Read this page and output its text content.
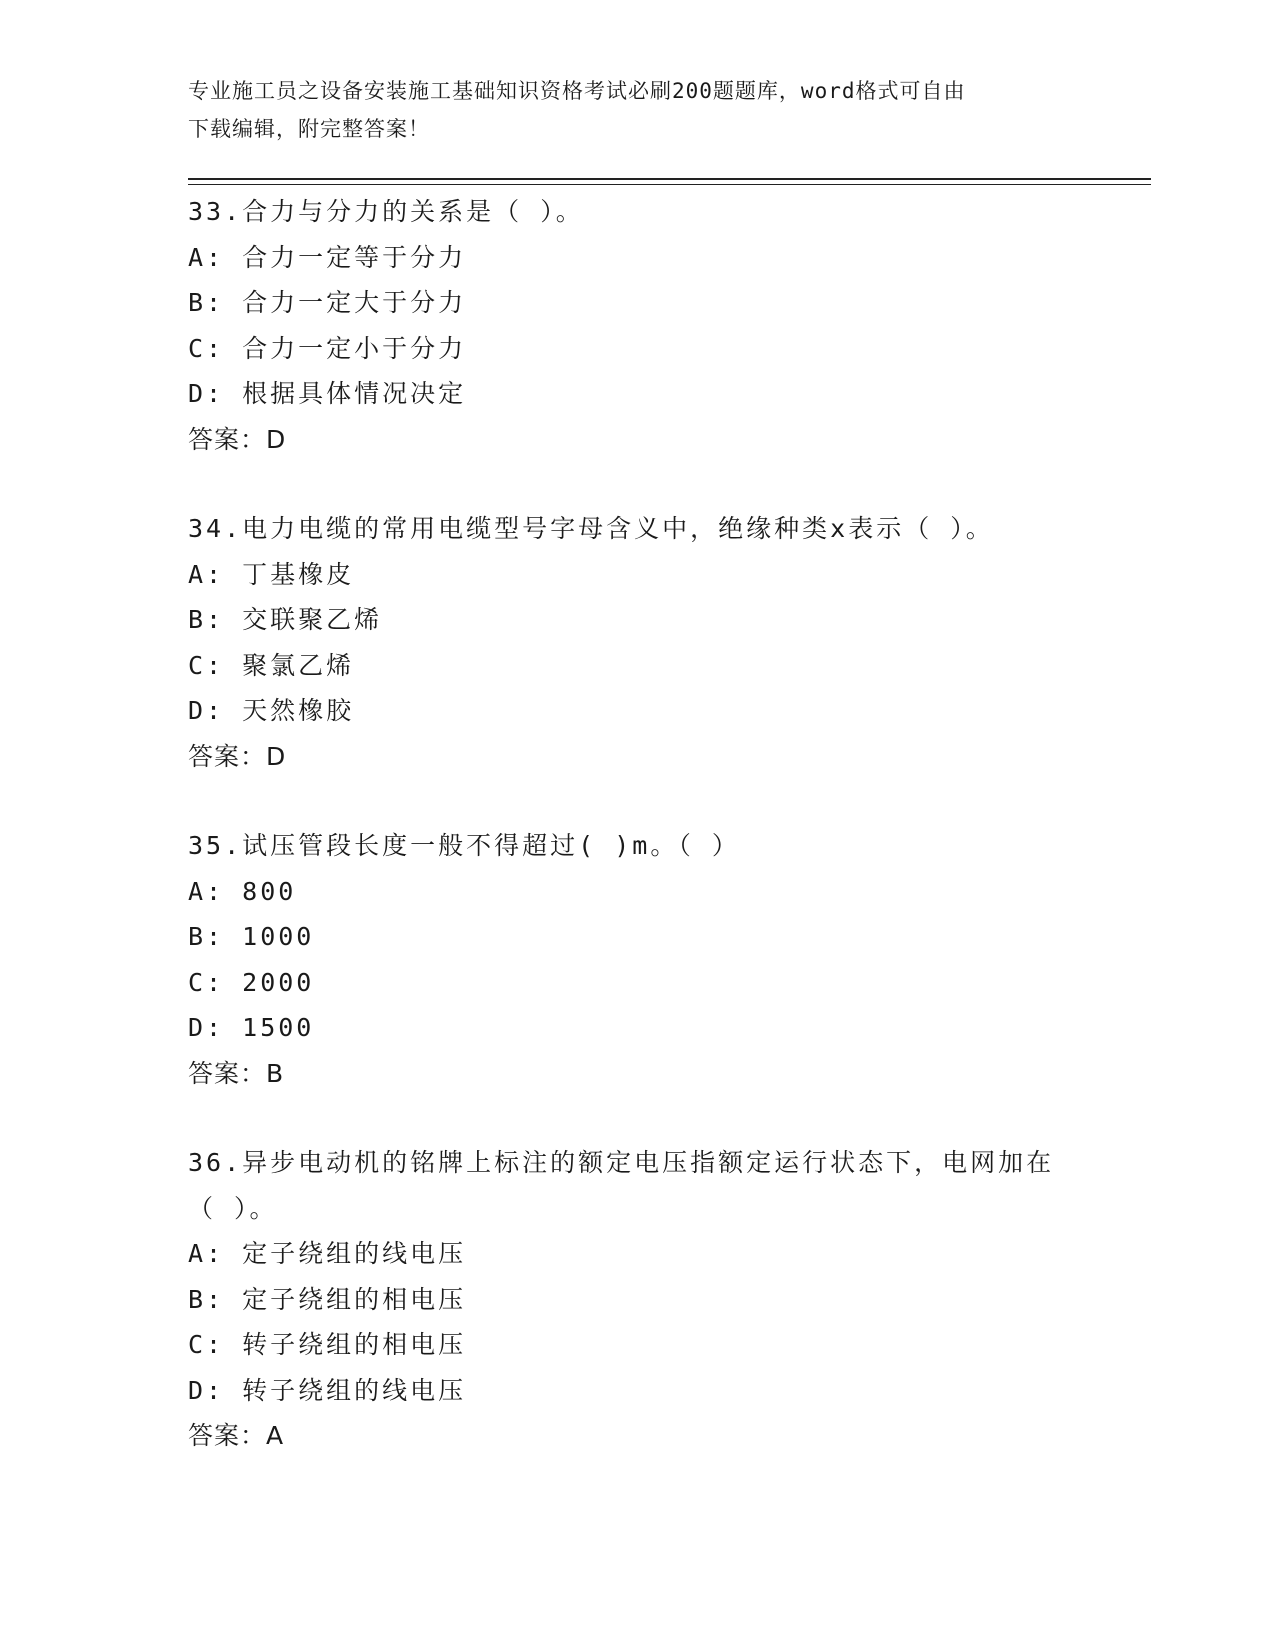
专业施工员之设备安装施工基础知识资格考试必刷200题题库，word格式可自由
下载编辑，附完整答案！
33.合力与分力的关系是（ ）。
A: 合力一定等于分力
B: 合力一定大于分力
C: 合力一定小于分力
D: 根据具体情况决定
答案：D
34.电力电缆的常用电缆型号字母含义中，绝缘种类x表示（ ）。
A: 丁基橡皮
B: 交联聚乙烯
C: 聚氯乙烯
D: 天然橡胶
答案：D
35.试压管段长度一般不得超过( )m。（ ）
A: 800
B: 1000
C: 2000
D: 1500
答案：B
36.异步电动机的铭牌上标注的额定电压指额定运行状态下，电网加在
（ ）。
A: 定子绕组的线电压
B: 定子绕组的相电压
C: 转子绕组的相电压
D: 转子绕组的线电压
答案：A
